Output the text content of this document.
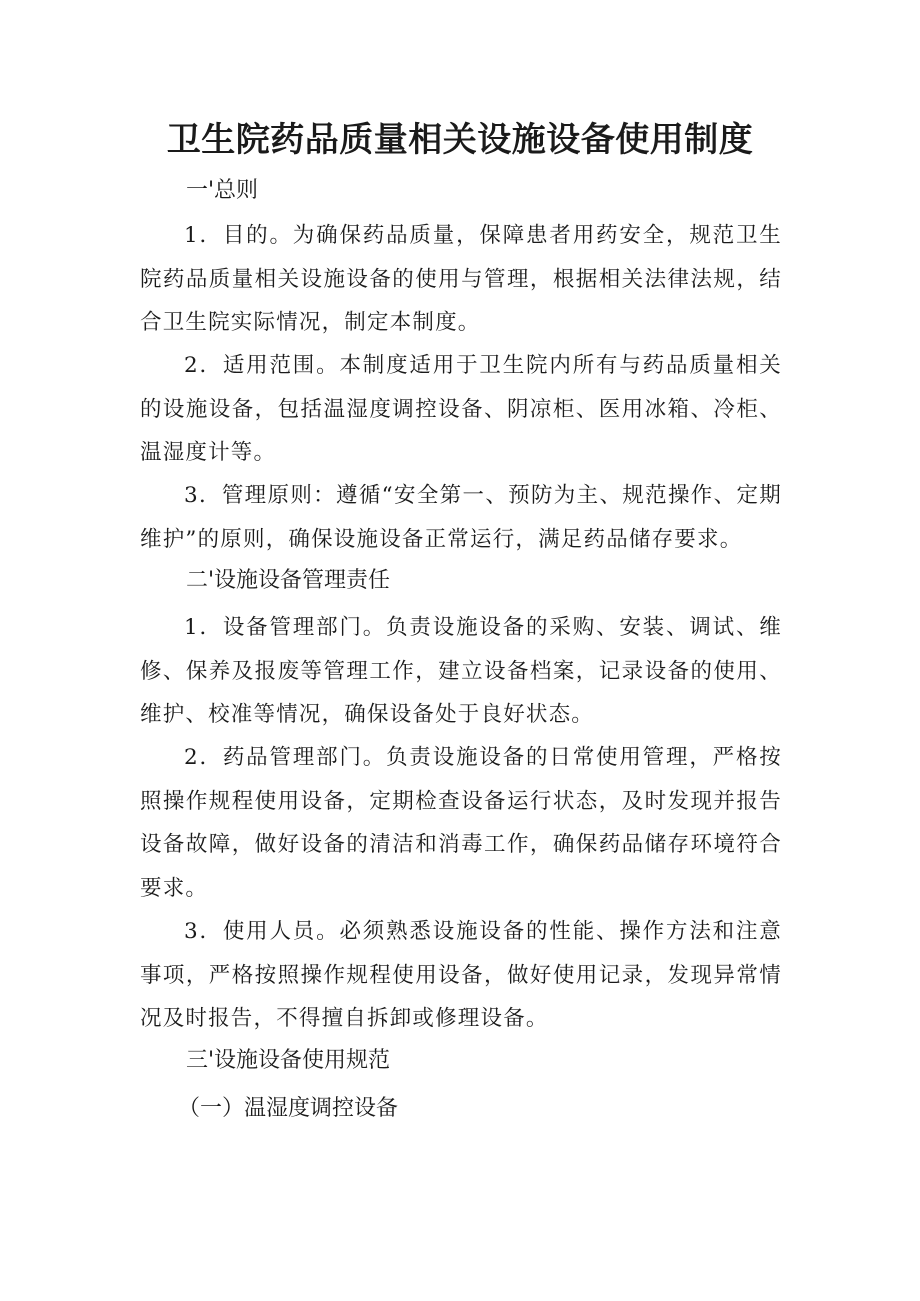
卫生院药品质量相关设施设备使用制度
一'总则

1．目的。为确保药品质量，保障患者用药安全，规范卫生院药品质量相关设施设备的使用与管理，根据相关法律法规，结合卫生院实际情况，制定本制度。

2．适用范围。本制度适用于卫生院内所有与药品质量相关的设施设备，包括温湿度调控设备、阴凉柜、医用冰箱、冷柜、温湿度计等。

3．管理原则：遵循“安全第一、预防为主、规范操作、定期维护”的原则，确保设施设备正常运行，满足药品储存要求。

二'设施设备管理责任

1．设备管理部门。负责设施设备的采购、安装、调试、维修、保养及报废等管理工作，建立设备档案，记录设备的使用、维护、校准等情况，确保设备处于良好状态。

2．药品管理部门。负责设施设备的日常使用管理，严格按照操作规程使用设备，定期检查设备运行状态，及时发现并报告设备故障，做好设备的清洁和消毒工作，确保药品储存环境符合要求。

3．使用人员。必须熟悉设施设备的性能、操作方法和注意事项，严格按照操作规程使用设备，做好使用记录，发现异常情况及时报告，不得擅自拆卸或修理设备。

三'设施设备使用规范
（一）温湿度调控设备
